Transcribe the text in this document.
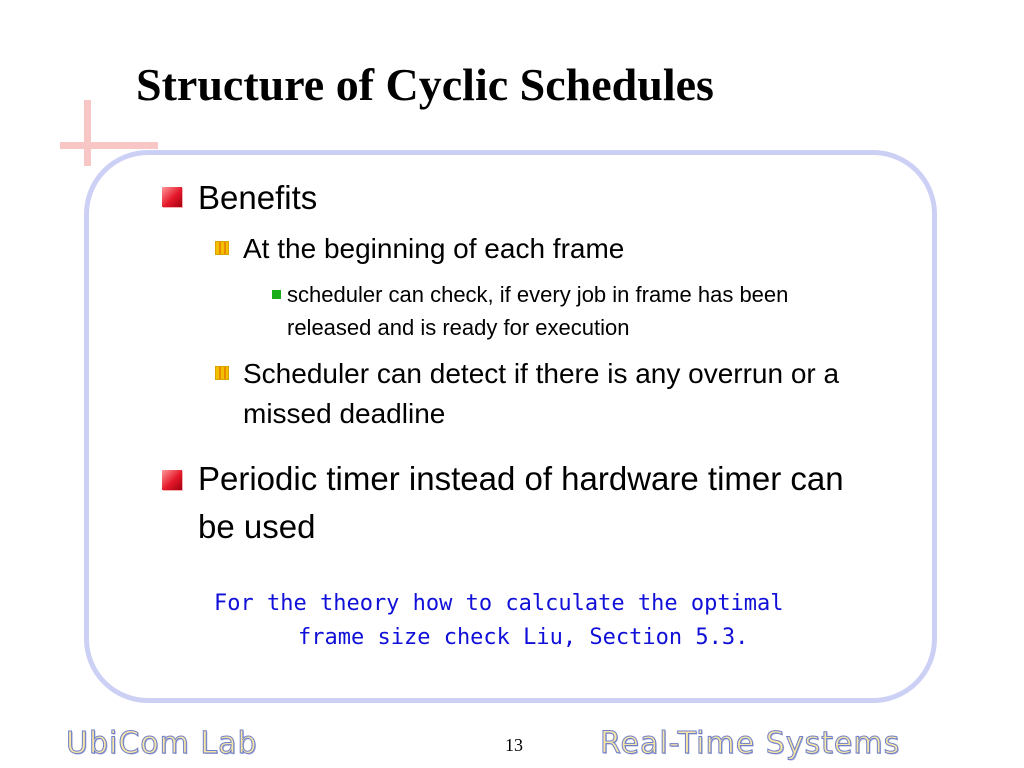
Structure of Cyclic Schedules
Benefits
At the beginning of each frame
scheduler can check, if every job in frame has been
released and is ready for execution
Scheduler can detect if there is any overrun or a
missed deadline
Periodic timer instead of hardware timer can
be used
For the theory how to calculate the optimal
frame size check Liu, Section 5.3.
UbiCom Lab	13	Real-Time Systems
